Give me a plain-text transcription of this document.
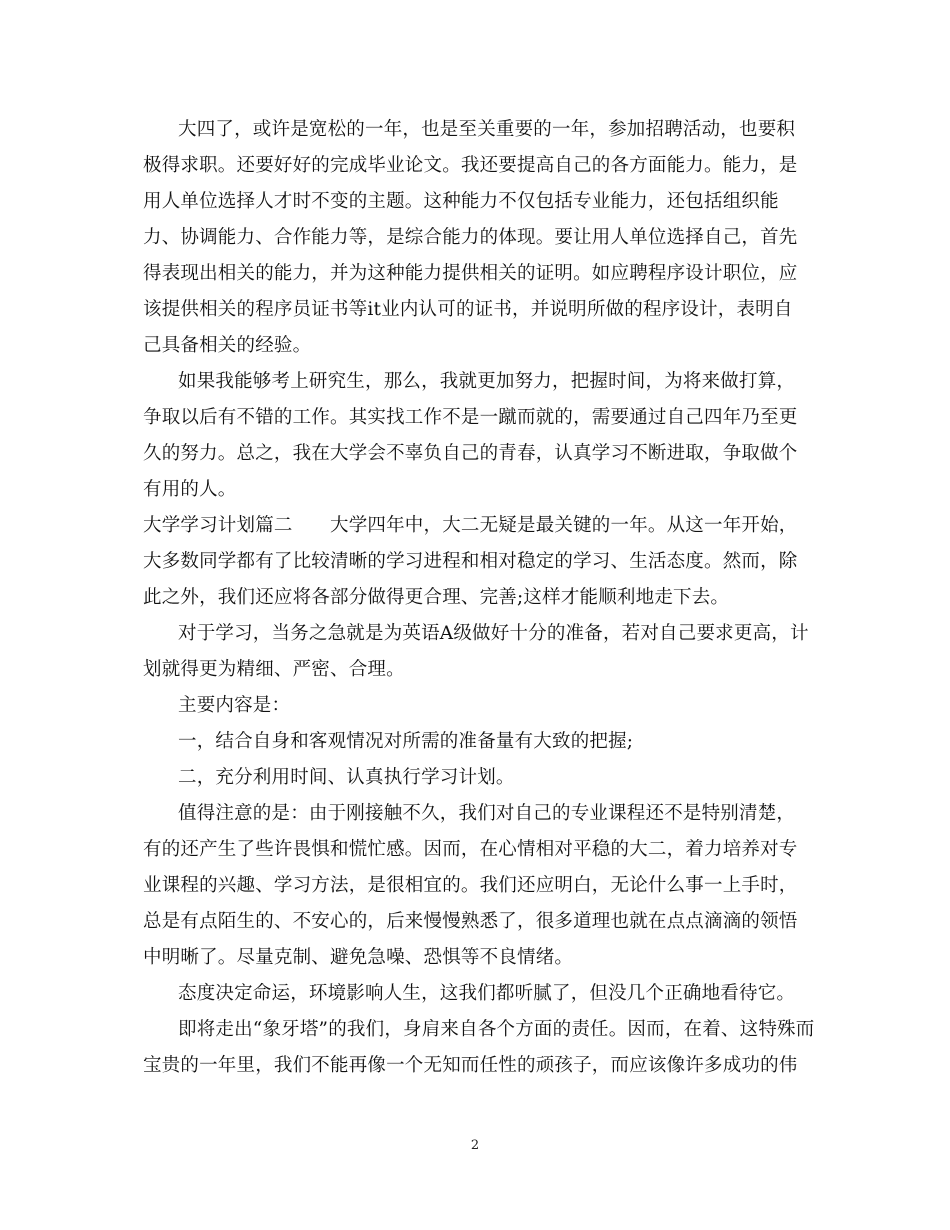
大四了，或许是宽松的一年，也是至关重要的一年，参加招聘活动，也要积
极得求职。还要好好的完成毕业论文。我还要提高自己的各方面能力。能力，是
用人单位选择人才时不变的主题。这种能力不仅包括专业能力，还包括组织能
力、协调能力、合作能力等，是综合能力的体现。要让用人单位选择自己，首先
得表现出相关的能力，并为这种能力提供相关的证明。如应聘程序设计职位，应
该提供相关的程序员证书等it业内认可的证书，并说明所做的程序设计，表明自
己具备相关的经验。
如果我能够考上研究生，那么，我就更加努力，把握时间，为将来做打算，
争取以后有不错的工作。其实找工作不是一蹴而就的，需要通过自己四年乃至更
久的努力。总之，我在大学会不辜负自己的青春，认真学习不断进取，争取做个
有用的人。
大学学习计划篇二　　大学四年中，大二无疑是最关键的一年。从这一年开始，
大多数同学都有了比较清晰的学习进程和相对稳定的学习、生活态度。然而，除
此之外，我们还应将各部分做得更合理、完善;这样才能顺利地走下去。
对于学习，当务之急就是为英语A级做好十分的准备，若对自己要求更高，计
划就得更为精细、严密、合理。
主要内容是：
一，结合自身和客观情况对所需的准备量有大致的把握;
二，充分利用时间、认真执行学习计划。
值得注意的是：由于刚接触不久，我们对自己的专业课程还不是特别清楚，
有的还产生了些许畏惧和慌忙感。因而，在心情相对平稳的大二，着力培养对专
业课程的兴趣、学习方法，是很相宜的。我们还应明白，无论什么事一上手时，
总是有点陌生的、不安心的，后来慢慢熟悉了，很多道理也就在点点滴滴的领悟
中明晰了。尽量克制、避免急噪、恐惧等不良情绪。
态度决定命运，环境影响人生，这我们都听腻了，但没几个正确地看待它。
即将走出“象牙塔”的我们，身肩来自各个方面的责任。因而，在着、这特殊而
宝贵的一年里，我们不能再像一个无知而任性的顽孩子，而应该像许多成功的伟
2
